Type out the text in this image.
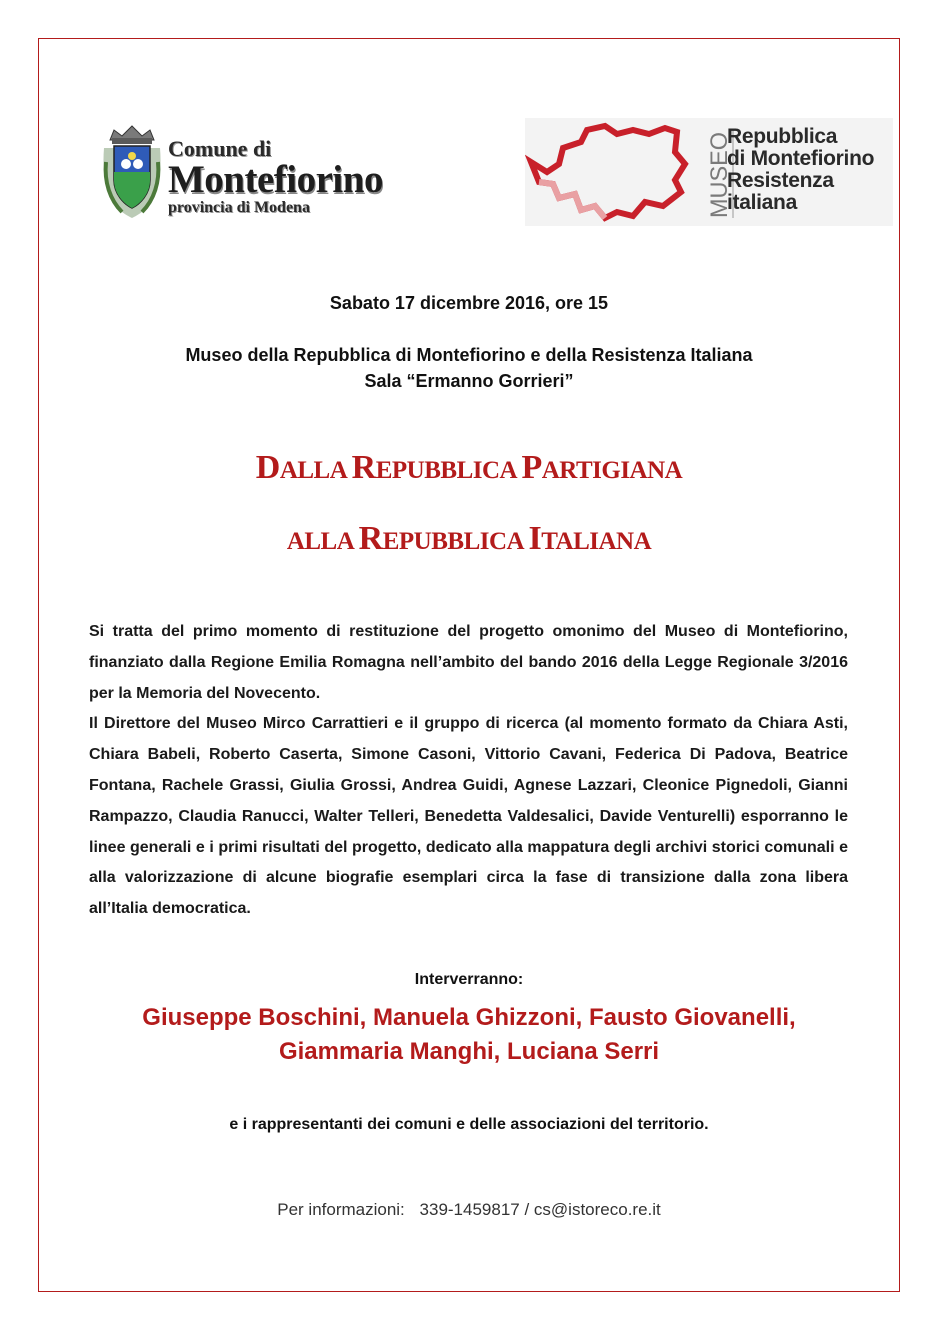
Comune di
Montefiorino
provincia di Modena	MUSEO
Repubblica
di Montefiorino
Resistenza
italiana
Sabato 17 dicembre 2016, ore 15
Museo della Repubblica di Montefiorino e della Resistenza Italiana
Sala “Ermanno Gorrieri”
DALLA REPUBBLICA PARTIGIANA
ALLA REPUBBLICA ITALIANA

Si tratta del primo momento di restituzione del progetto omonimo del Museo di Montefiorino, finanziato dalla Regione Emilia Romagna nell’ambito del bando 2016 della Legge Regionale 3/2016 per la Memoria del Novecento.

Il Direttore del Museo Mirco Carrattieri e il gruppo di ricerca (al momento formato da Chiara Asti, Chiara Babeli, Roberto Caserta, Simone Casoni, Vittorio Cavani, Federica Di Padova, Beatrice Fontana, Rachele Grassi, Giulia Grossi, Andrea Guidi, Agnese Lazzari, Cleonice Pignedoli, Gianni Rampazzo, Claudia Ranucci, Walter Telleri, Benedetta Valdesalici, Davide Venturelli) esporranno le linee generali e i primi risultati del progetto, dedicato alla mappatura degli archivi storici comunali e alla valorizzazione di alcune biografie esemplari circa la fase di transizione dalla zona libera all’Italia democratica.

Interverranno:
Giuseppe Boschini, Manuela Ghizzoni, Fausto Giovanelli,
Giammaria Manghi, Luciana Serri
e i rappresentanti dei comuni e delle associazioni del territorio.
Per informazioni: 339-1459817 / cs@istoreco.re.it
